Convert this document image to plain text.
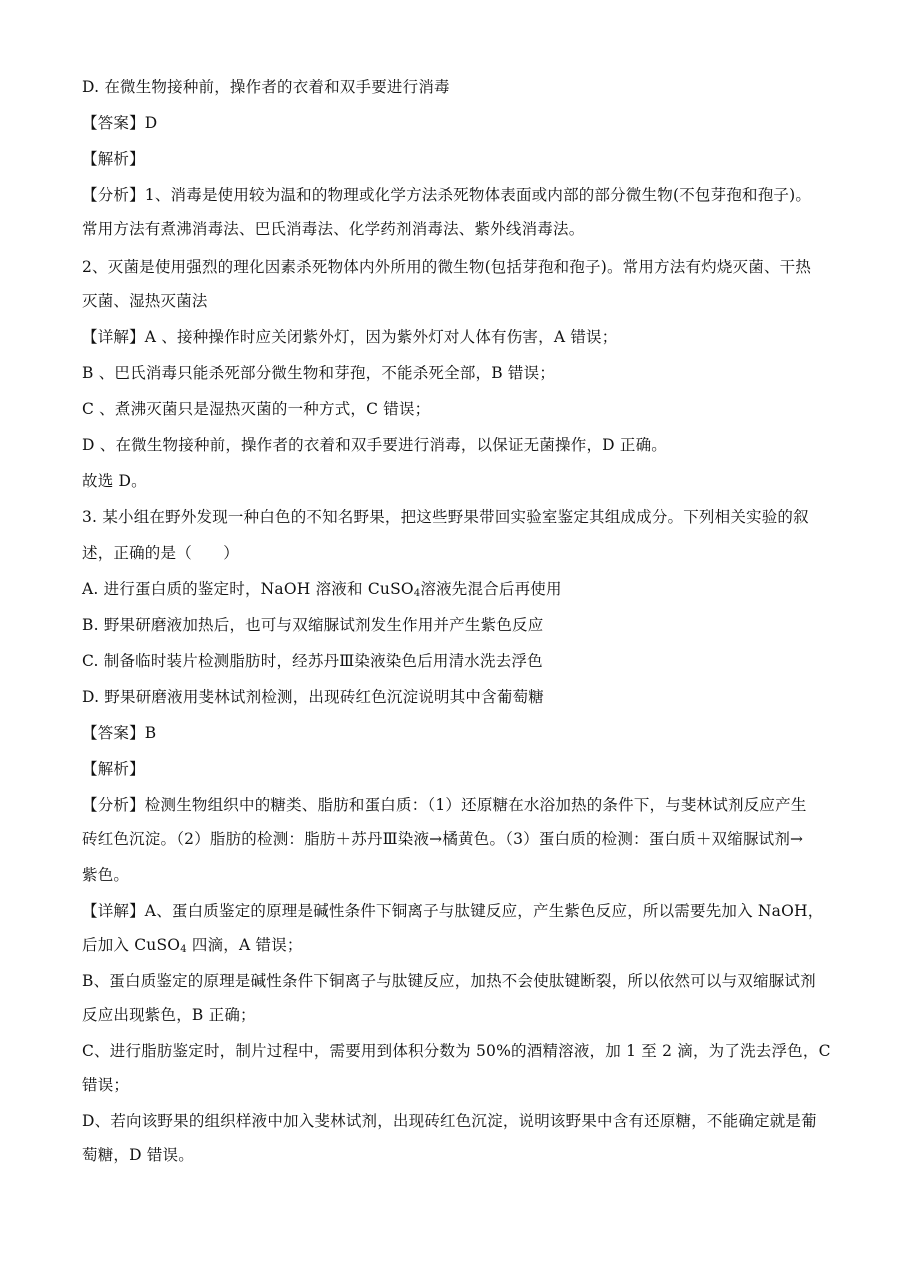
D. 在微生物接种前，操作者的衣着和双手要进行消毒
【答案】D
【解析】
【分析】1、消毒是使用较为温和的物理或化学方法杀死物体表面或内部的部分微生物(不包芽孢和孢子)。
常用方法有煮沸消毒法、巴氏消毒法、化学药剂消毒法、紫外线消毒法。
2、灭菌是使用强烈的理化因素杀死物体内外所用的微生物(包括芽孢和孢子)。常用方法有灼烧灭菌、干热
灭菌、湿热灭菌法
【详解】A 、接种操作时应关闭紫外灯，因为紫外灯对人体有伤害，A 错误；
B 、巴氏消毒只能杀死部分微生物和芽孢，不能杀死全部，B 错误；
C 、煮沸灭菌只是湿热灭菌的一种方式，C 错误；
D 、在微生物接种前，操作者的衣着和双手要进行消毒，以保证无菌操作，D 正确。
故选 D。
3. 某小组在野外发现一种白色的不知名野果，把这些野果带回实验室鉴定其组成成分。下列相关实验的叙
述，正确的是（　　）
A. 进行蛋白质的鉴定时，NaOH 溶液和 CuSO$_4$溶液先混合后再使用
B. 野果研磨液加热后，也可与双缩脲试剂发生作用并产生紫色反应
C. 制备临时装片检测脂肪时，经苏丹Ⅲ染液染色后用清水洗去浮色
D. 野果研磨液用斐林试剂检测，出现砖红色沉淀说明其中含葡萄糖
【答案】B
【解析】
【分析】检测生物组织中的糖类、脂肪和蛋白质：（1）还原糖在水浴加热的条件下，与斐林试剂反应产生
砖红色沉淀。（2）脂肪的检测：脂肪＋苏丹Ⅲ染液→橘黄色。（3）蛋白质的检测：蛋白质＋双缩脲试剂→
紫色。
【详解】A、蛋白质鉴定的原理是碱性条件下铜离子与肽键反应，产生紫色反应，所以需要先加入 NaOH，
后加入 CuSO$_4$ 四滴，A 错误；
B、蛋白质鉴定的原理是碱性条件下铜离子与肽键反应，加热不会使肽键断裂，所以依然可以与双缩脲试剂
反应出现紫色，B 正确；
C、进行脂肪鉴定时，制片过程中，需要用到体积分数为 50%的酒精溶液，加 1 至 2 滴，为了洗去浮色，C
错误；
D、若向该野果的组织样液中加入斐林试剂，出现砖红色沉淀，说明该野果中含有还原糖，不能确定就是葡
萄糖，D 错误。
